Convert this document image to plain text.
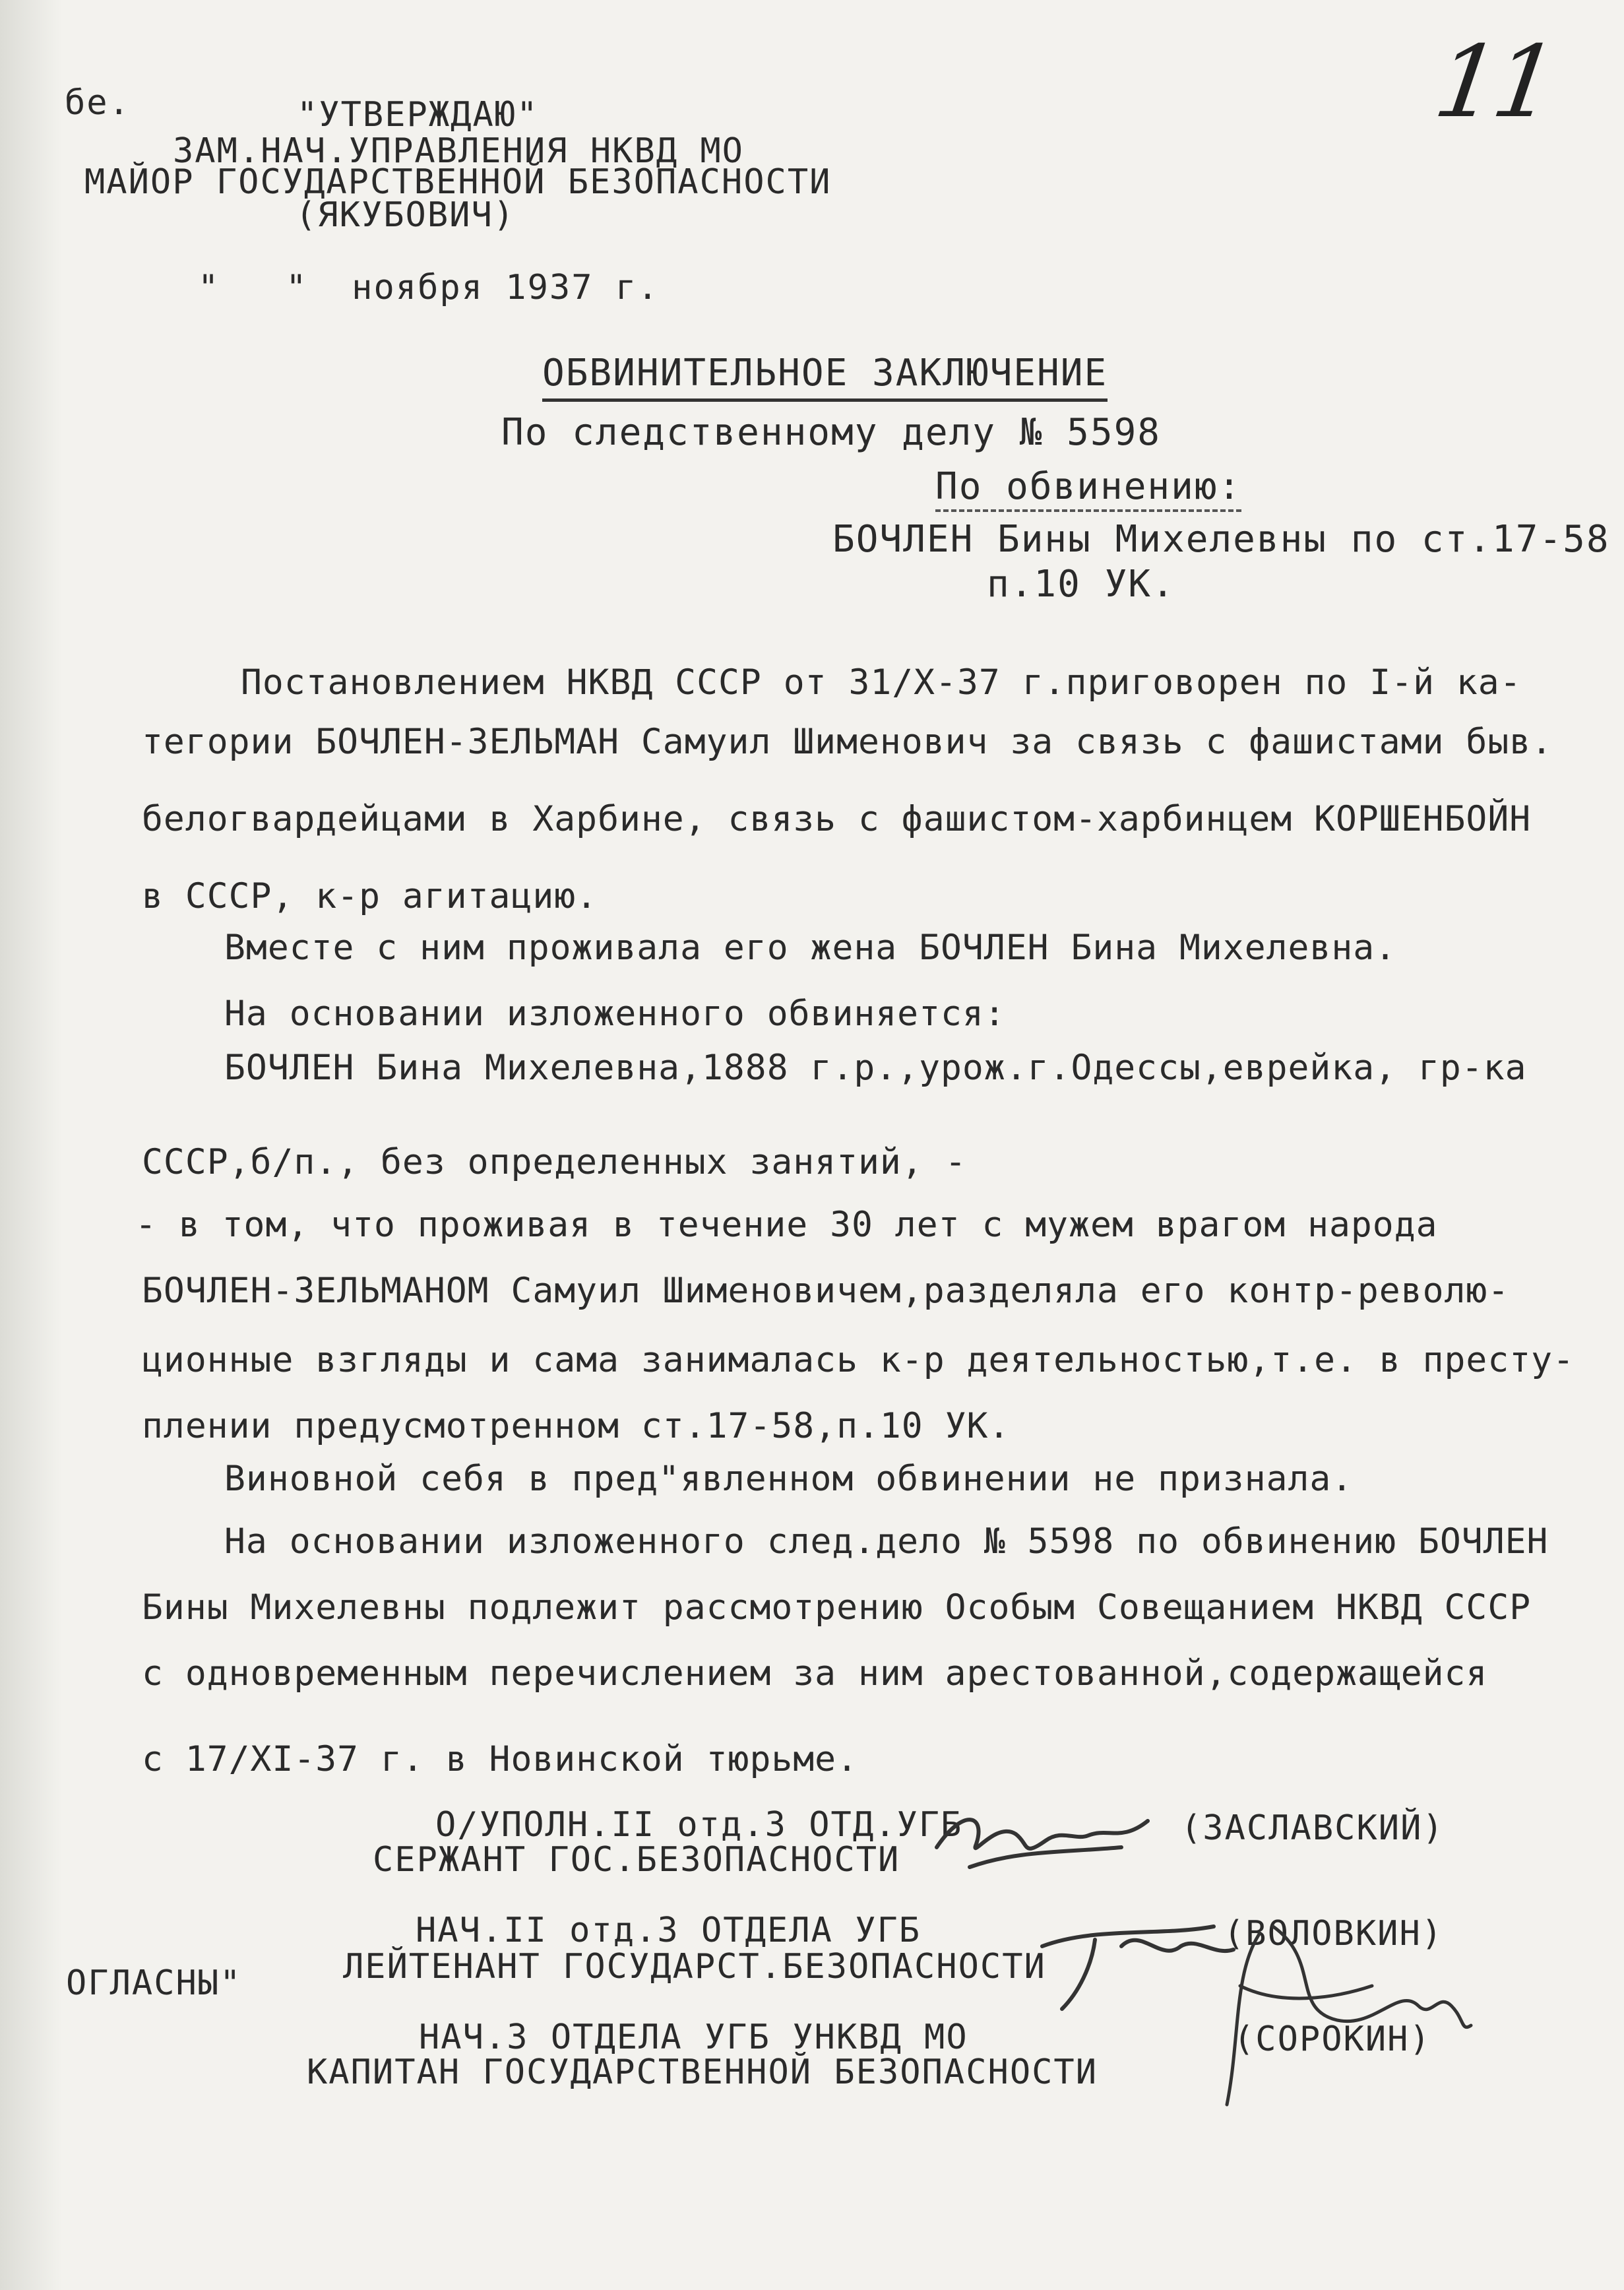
11
бе.	"УТВЕРЖДАЮ"
ЗАМ.НАЧ.УПРАВЛЕНИЯ НКВД МО
МАЙОР ГОСУДАРСТВЕННОЙ БЕЗОПАСНОСТИ
(ЯКУБОВИЧ)
"   "  ноября 1937 г.
ОБВИНИТЕЛЬНОЕ ЗАКЛЮЧЕНИЕ
По следственному делу № 5598
По обвинению:
БОЧЛЕН Бины Михелевны по ст.17-58
п.10 УК.
Постановлением НКВД СССР от 31/X-37 г.приговорен по I-й ка-
тегории БОЧЛЕН-ЗЕЛЬМАН Самуил Шименович за связь с фашистами быв.
белогвардейцами в Харбине, связь с фашистом-харбинцем КОРШЕНБОЙН
в СССР, к-р агитацию.
Вместе с ним проживала его жена БОЧЛЕН Бина Михелевна.
На основании изложенного обвиняется:
БОЧЛЕН Бина Михелевна,1888 г.р.,урож.г.Одессы,еврейка, гр-ка
СССР,б/п., без определенных занятий, -
- в том, что проживая в течение 30 лет с мужем врагом народа
БОЧЛЕН-ЗЕЛЬМАНОМ Самуил Шименовичем,разделяла его контр-револю-
ционные взгляды и сама занималась к-р деятельностью,т.е. в престу-
плении предусмотренном ст.17-58,п.10 УК.
Виновной себя в пред"явленном обвинении не признала.
На основании изложенного след.дело № 5598 по обвинению БОЧЛЕН
Бины Михелевны подлежит рассмотрению Особым Совещанием НКВД СССР
с одновременным перечислением за ним арестованной,содержащейся
с 17/XI-37 г. в Новинской тюрьме.
О/УПОЛН.II отд.3 ОТД.УГБ
СЕРЖАНТ ГОС.БЕЗОПАСНОСТИ
(ЗАСЛАВСКИЙ)
НАЧ.II отд.3 ОТДЕЛА УГБ
ЛЕЙТЕНАНТ ГОСУДАРСТ.БЕЗОПАСНОСТИ
(ВОЛОВКИН)
НАЧ.3 ОТДЕЛА УГБ УНКВД МО
КАПИТАН ГОСУДАРСТВЕННОЙ БЕЗОПАСНОСТИ
(СОРОКИН)
ОГЛАСНЫ"
